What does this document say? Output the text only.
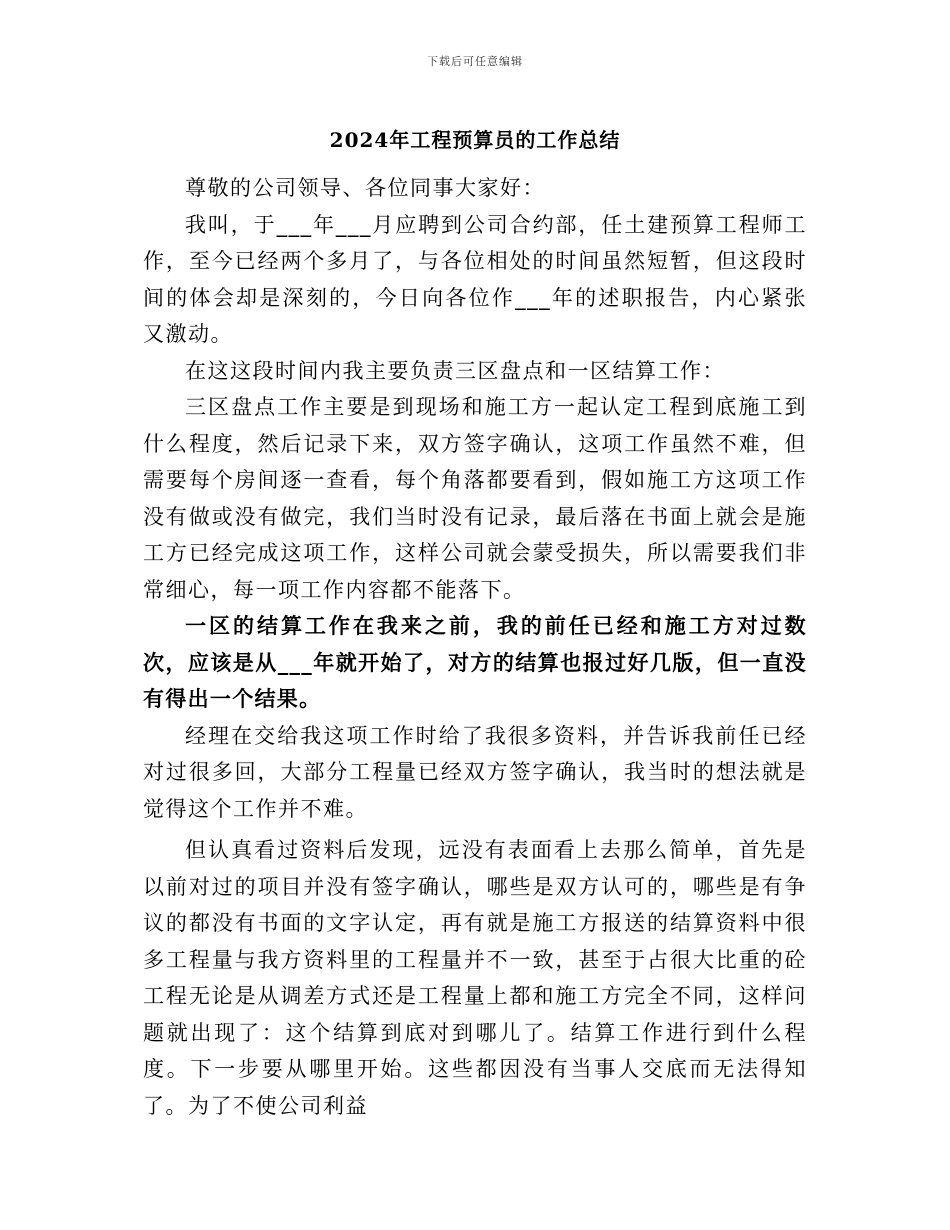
下载后可任意编辑
2024年工程预算员的工作总结

尊敬的公司领导、各位同事大家好：

我叫，于___年___月应聘到公司合约部，任土建预算工程师工作，至今已经两个多月了，与各位相处的时间虽然短暂，但这段时间的体会却是深刻的，今日向各位作___年的述职报告，内心紧张又激动。

在这这段时间内我主要负责三区盘点和一区结算工作：

三区盘点工作主要是到现场和施工方一起认定工程到底施工到什么程度，然后记录下来，双方签字确认，这项工作虽然不难，但需要每个房间逐一查看，每个角落都要看到，假如施工方这项工作没有做或没有做完，我们当时没有记录，最后落在书面上就会是施工方已经完成这项工作，这样公司就会蒙受损失，所以需要我们非常细心，每一项工作内容都不能落下。

一区的结算工作在我来之前，我的前任已经和施工方对过数次，应该是从___年就开始了，对方的结算也报过好几版，但一直没有得出一个结果。

经理在交给我这项工作时给了我很多资料，并告诉我前任已经对过很多回，大部分工程量已经双方签字确认，我当时的想法就是觉得这个工作并不难。

但认真看过资料后发现，远没有表面看上去那么简单，首先是以前对过的项目并没有签字确认，哪些是双方认可的，哪些是有争议的都没有书面的文字认定，再有就是施工方报送的结算资料中很多工程量与我方资料里的工程量并不一致，甚至于占很大比重的砼工程无论是从调差方式还是工程量上都和施工方完全不同，这样问题就出现了：这个结算到底对到哪儿了。结算工作进行到什么程度。下一步要从哪里开始。这些都因没有当事人交底而无法得知了。为了不使公司利益
